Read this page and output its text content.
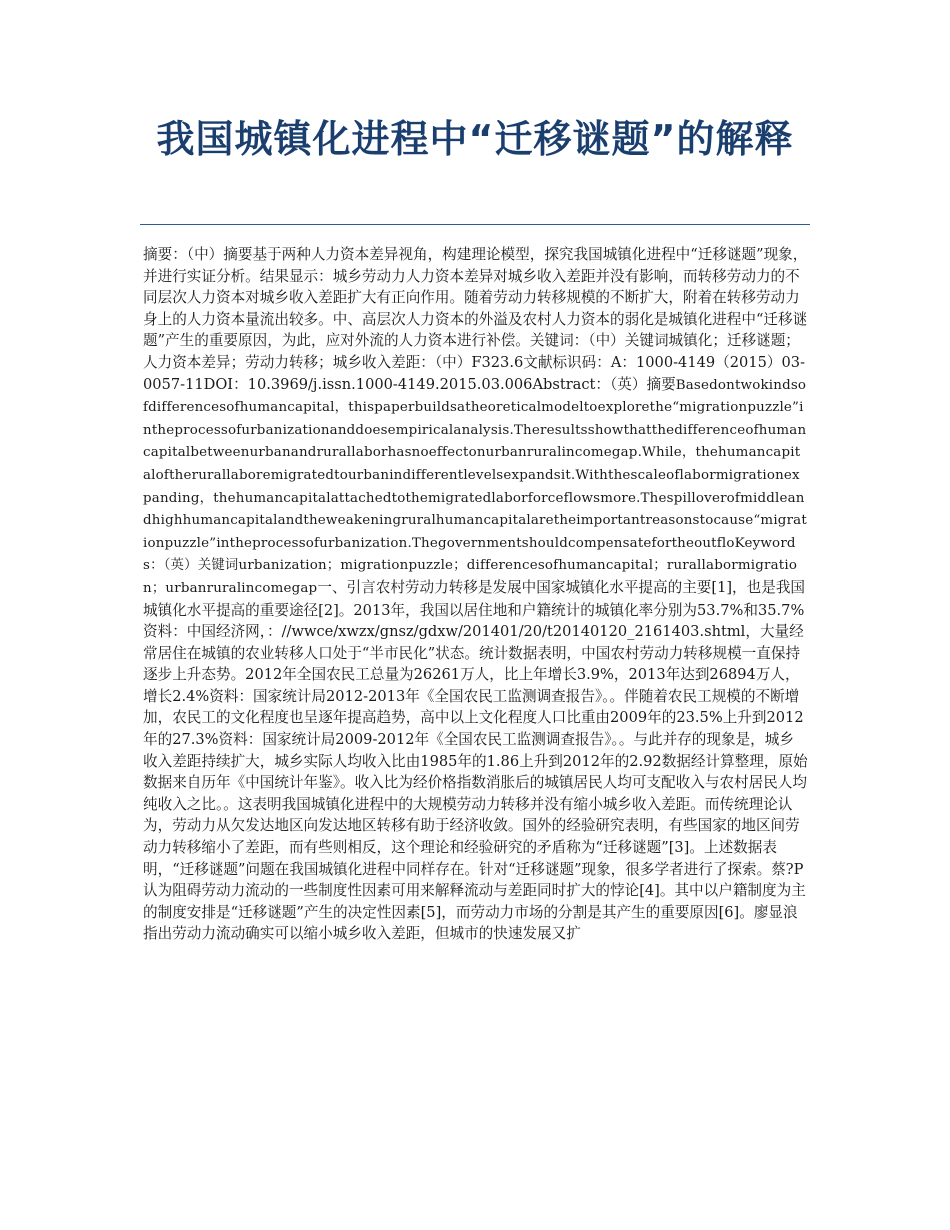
我国城镇化进程中“迁移谜题”的解释

摘要：（中）摘要基于两种人力资本差异视角，构建理论模型，探究我国城镇化进程中“迁移谜题”现象，并进行实证分析。结果显示：城乡劳动力人力资本差异对城乡收入差距并没有影响，而转移劳动力的不同层次人力资本对城乡收入差距扩大有正向作用。随着劳动力转移规模的不断扩大，附着在转移劳动力身上的人力资本量流出较多。中、高层次人力资本的外溢及农村人力资本的弱化是城镇化进程中“迁移谜题”产生的重要原因，为此，应对外流的人力资本进行补偿。关键词：（中）关键词城镇化；迁移谜题；人力资本差异；劳动力转移；城乡收入差距：（中）F323.6文献标识码：A：1000-4149（2015）03-0057-11DOI：10.3969/j.issn.1000-4149.2015.03.006Abstract：（英）摘要Basedontwokindsofdifferencesofhumancapital，thispaperbuildsatheoreticalmodeltoexplorethe“migrationpuzzle”intheprocessofurbanizationanddoesempiricalanalysis.Theresultsshowthatthedifferenceofhumancapitalbetweenurbanandrurallaborhasnoeffectonurbanruralincomegap.While，thehumancapitaloftherurallaboremigratedtourbanindifferentlevelsexpandsit.Withthescaleoflabormigrationexpanding，thehumancapitalattachedtothemigratedlaborforceflowsmore.Thespilloverofmiddleandhighhumancapitalandtheweakeningruralhumancapitalaretheimportantreasonstocause“migrationpuzzle”intheprocessofurbanization.ThegovernmentshouldcompensatefortheoutfloKeywords：（英）关键词urbanization；migrationpuzzle；differencesofhumancapital；rurallabormigration；urbanruralincomegap一、引言农村劳动力转移是发展中国家城镇化水平提高的主要[1]，也是我国城镇化水平提高的重要途径[2]。2013年，我国以居住地和户籍统计的城镇化率分别为53.7%和35.7%资料：中国经济网，：//wwce/xwzx/gnsz/gdxw/201401/20/t20140120_2161403.shtml，大量经常居住在城镇的农业转移人口处于“半市民化”状态。统计数据表明，中国农村劳动力转移规模一直保持逐步上升态势。2012年全国农民工总量为26261万人，比上年增长3.9%，2013年达到26894万人，增长2.4%资料：国家统计局2012-2013年《全国农民工监测调查报告》。。伴随着农民工规模的不断增加，农民工的文化程度也呈逐年提高趋势，高中以上文化程度人口比重由2009年的23.5%上升到2012年的27.3%资料：国家统计局2009-2012年《全国农民工监测调查报告》。。与此并存的现象是，城乡收入差距持续扩大，城乡实际人均收入比由1985年的1.86上升到2012年的2.92数据经计算整理，原始数据来自历年《中国统计年鉴》。收入比为经价格指数消胀后的城镇居民人均可支配收入与农村居民人均纯收入之比。。这表明我国城镇化进程中的大规模劳动力转移并没有缩小城乡收入差距。而传统理论认为，劳动力从欠发达地区向发达地区转移有助于经济收敛。国外的经验研究表明，有些国家的地区间劳动力转移缩小了差距，而有些则相反，这个理论和经验研究的矛盾称为“迁移谜题”[3]。上述数据表明，“迁移谜题”问题在我国城镇化进程中同样存在。针对“迁移谜题”现象，很多学者进行了探索。蔡?P认为阻碍劳动力流动的一些制度性因素可用来解释流动与差距同时扩大的悖论[4]。其中以户籍制度为主的制度安排是“迁移谜题”产生的决定性因素[5]，而劳动力市场的分割是其产生的重要原因[6]。廖显浪指出劳动力流动确实可以缩小城乡收入差距，但城市的快速发展又扩
